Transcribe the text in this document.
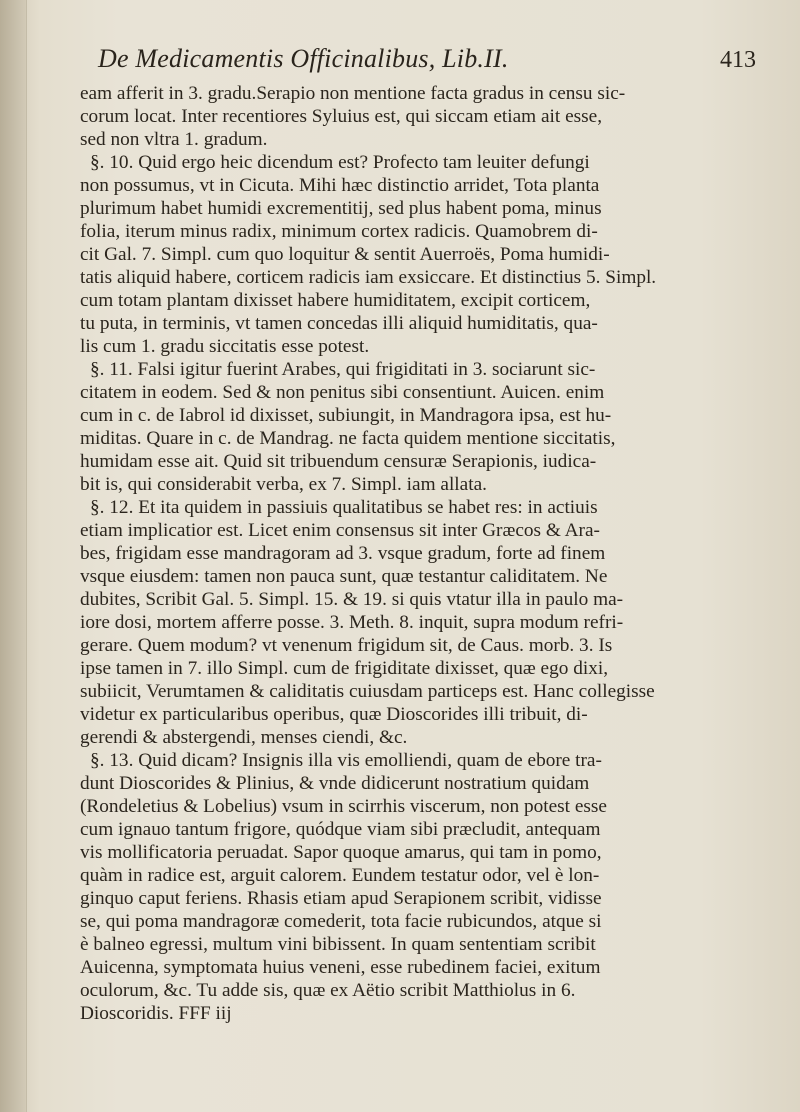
De Medicamentis Officinalibus, Lib.II.	413
eam afferit in 3. gradu.Serapio non mentione facta gradus in censu sic-
corum locat. Inter recentiores Syluius est, qui siccam etiam ait esse,
sed non vltra 1. gradum.
§. 10. Quid ergo heic dicendum est? Profecto tam leuiter defungi
non possumus, vt in Cicuta. Mihi hæc distinctio arridet, Tota planta
plurimum habet humidi excrementitij, sed plus habent poma, minus
folia, iterum minus radix, minimum cortex radicis. Quamobrem di-
cit Gal. 7. Simpl. cum quo loquitur & sentit Auerroës, Poma humidi-
tatis aliquid habere, corticem radicis iam exsiccare. Et distinctius 5. Simpl.
cum totam plantam dixisset habere humiditatem, excipit corticem,
tu puta, in terminis, vt tamen concedas illi aliquid humiditatis, qua-
lis cum 1. gradu siccitatis esse potest.
§. 11. Falsi igitur fuerint Arabes, qui frigiditati in 3. sociarunt sic-
citatem in eodem. Sed & non penitus sibi consentiunt. Auicen. enim
cum in c. de Iabrol id dixisset, subiungit, in Mandragora ipsa, est hu-
miditas. Quare in c. de Mandrag. ne facta quidem mentione siccitatis,
humidam esse ait. Quid sit tribuendum censuræ Serapionis, iudica-
bit is, qui considerabit verba, ex 7. Simpl. iam allata.
§. 12. Et ita quidem in passiuis qualitatibus se habet res: in actiuis
etiam implicatior est. Licet enim consensus sit inter Græcos & Ara-
bes, frigidam esse mandragoram ad 3. vsque gradum, forte ad finem
vsque eiusdem: tamen non pauca sunt, quæ testantur caliditatem. Ne
dubites, Scribit Gal. 5. Simpl. 15. & 19. si quis vtatur illa in paulo ma-
iore dosi, mortem afferre posse. 3. Meth. 8. inquit, supra modum refri-
gerare. Quem modum? vt venenum frigidum sit, de Caus. morb. 3. Is
ipse tamen in 7. illo Simpl. cum de frigiditate dixisset, quæ ego dixi,
subiicit, Verumtamen & caliditatis cuiusdam particeps est. Hanc collegisse
videtur ex particularibus operibus, quæ Dioscorides illi tribuit, di-
gerendi & abstergendi, menses ciendi, &c.
§. 13. Quid dicam? Insignis illa vis emolliendi, quam de ebore tra-
dunt Dioscorides & Plinius, & vnde didicerunt nostratium quidam
(Rondeletius & Lobelius) vsum in scirrhis viscerum, non potest esse
cum ignauo tantum frigore, quódque viam sibi præcludit, antequam
vis mollificatoria peruadat. Sapor quoque amarus, qui tam in pomo,
quàm in radice est, arguit calorem. Eundem testatur odor, vel è lon-
ginquo caput feriens. Rhasis etiam apud Serapionem scribit, vidisse
se, qui poma mandragoræ comederit, tota facie rubicundos, atque si
è balneo egressi, multum vini bibissent. In quam sententiam scribit
Auicenna, symptomata huius veneni, esse rubedinem faciei, exitum
oculorum, &c. Tu adde sis, quæ ex Aëtio scribit Matthiolus in 6.
Dioscoridis. FFF iij
